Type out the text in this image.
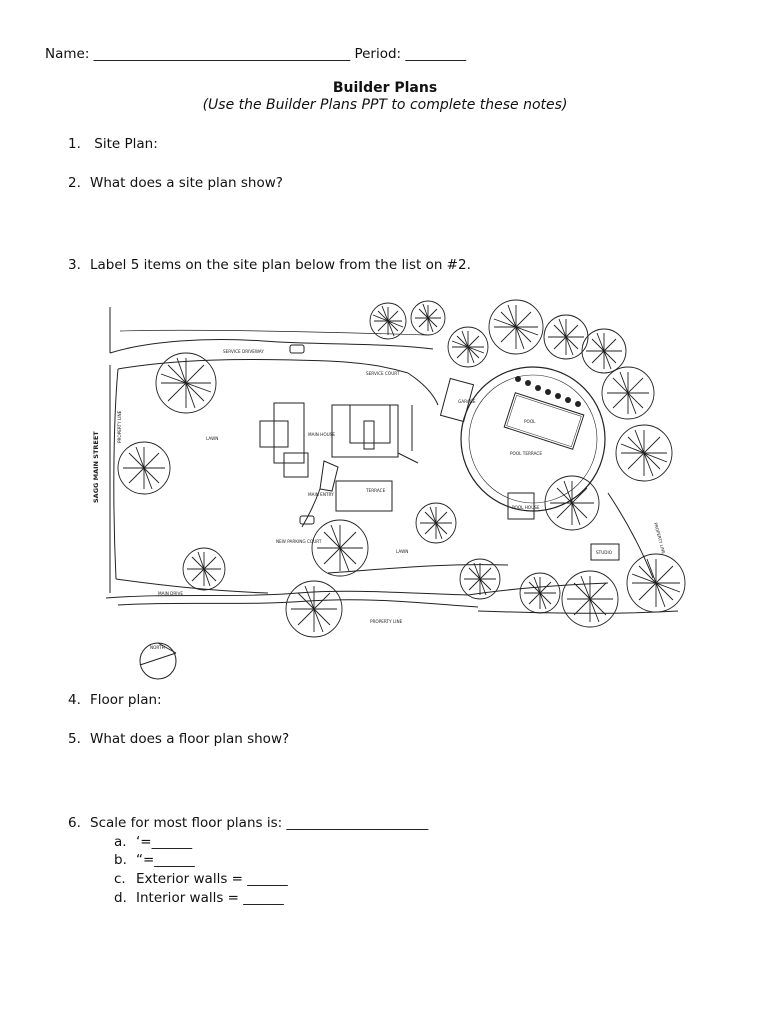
Name: ______________________________________ Period: _________
Builder Plans
(Use the Builder Plans PPT to complete these notes)
1. Site Plan:
2. What does a site plan show?
3. Label 5 items on the site plan below from the list on #2.
SAGG MAIN STREET
SERVICE DRIVEWAY
SERVICE COURT
GARAGE
POOL
POOL TERRACE
POOL HOUSE
MAIN HOUSE
MAIN ENTRY
TERRACE
LAWN
LAWN
NEW PARKING COURT
MAIN DRIVE
PROPERTY LINE
PROPERTY LINE
PROPERTY LINE
STUDIO
NORTH
4. Floor plan:
5. What does a floor plan show?
6. Scale for most floor plans is: _____________________
a. ‘=______
b. “=______
c. Exterior walls = ______
d. Interior walls = ______
